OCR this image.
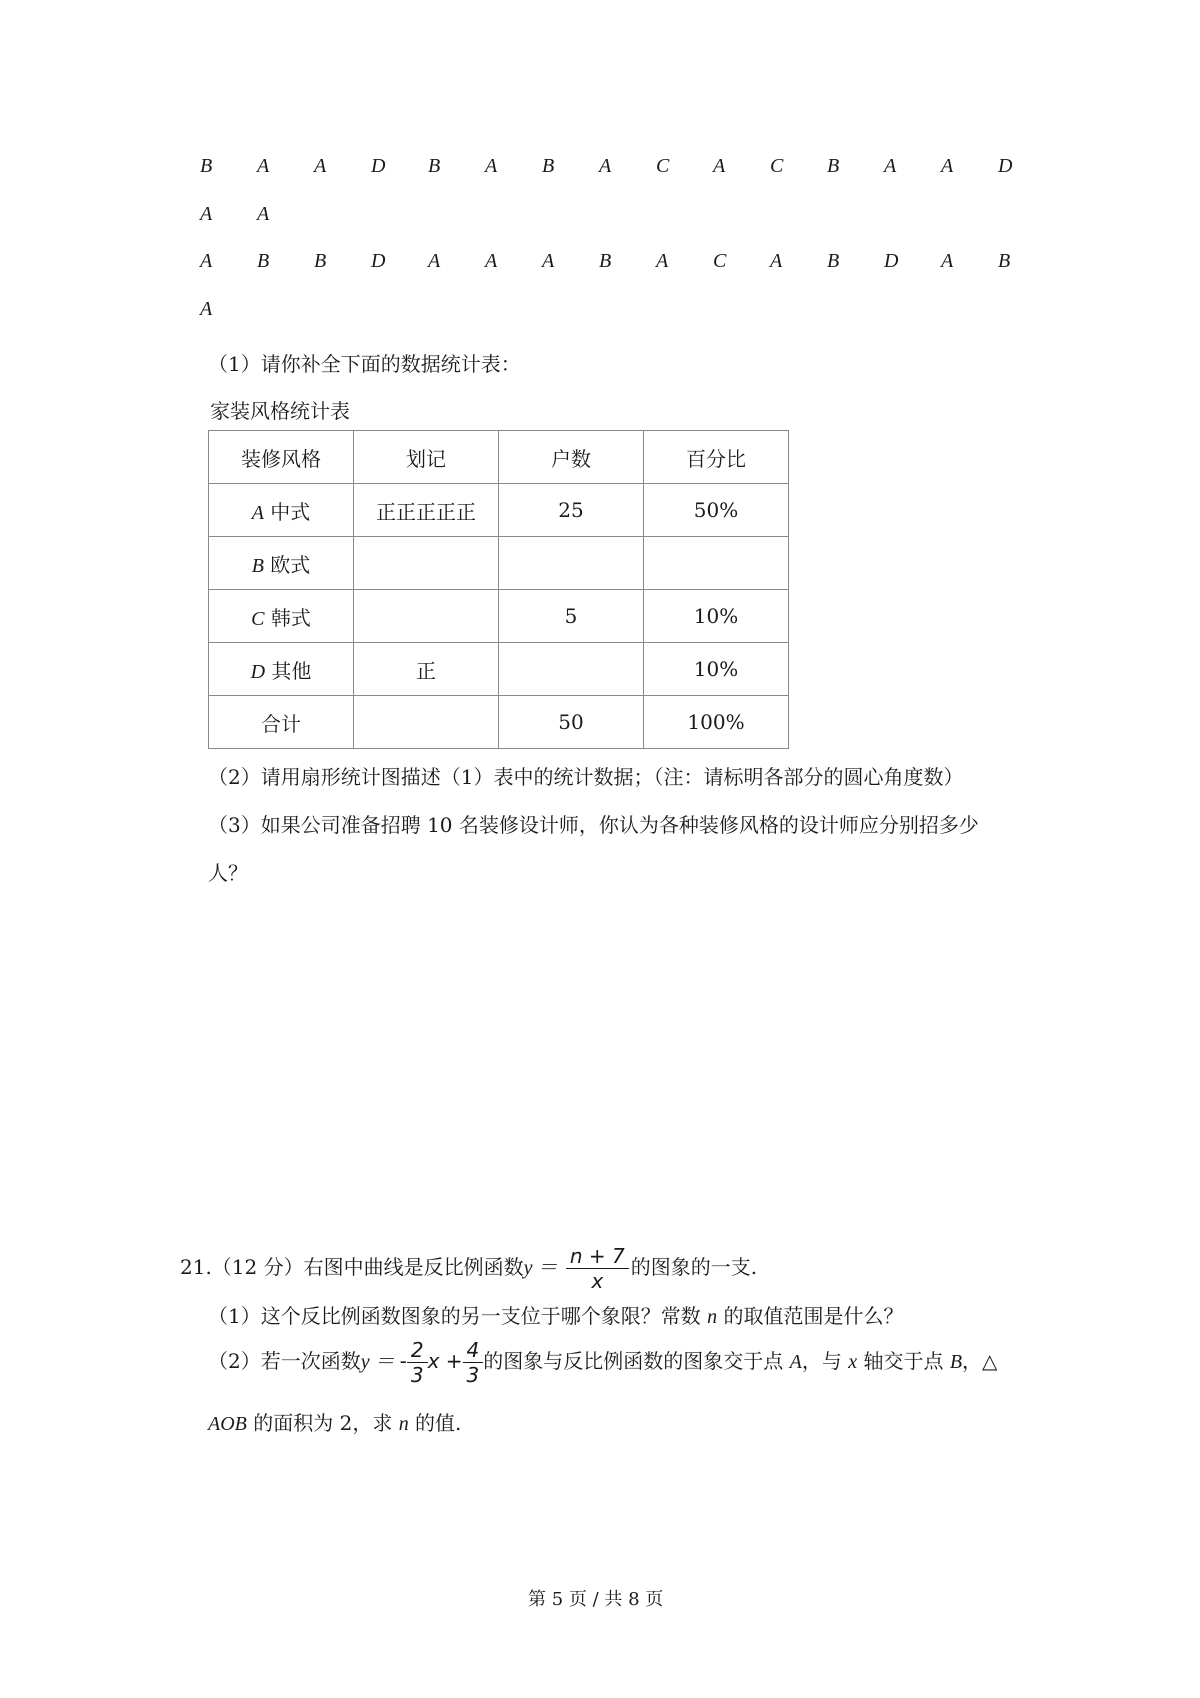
B A A D B A B A C A C B A A D
A A
A B B D A A A B A C A B D A B
A
（1）请你补全下面的数据统计表：
家装风格统计表
装修风格	划记	户数	百分比
A 中式	正正正正正	25	50%
B 欧式			
C 韩式		5	10%
D 其他	正		10%
合计		50	100%
（2）请用扇形统计图描述（1）表中的统计数据；（注：请标明各部分的圆心角度数）
（3）如果公司准备招聘 10 名装修设计师，你认为各种装修风格的设计师应分别招多少
人？
21.（12 分）右图中曲线是反比例函数$y = \frac{n + 7}{x}$ 的图象的一支.
（1）这个反比例函数图象的另一支位于哪个象限？常数 n 的取值范围是什么？
（2）若一次函数y ＝ - $\frac{2}{3}$ $x + \frac{4}{3}$ 的图象与反比例函数的图象交于点 A，与 x 轴交于点 B，△
AOB 的面积为 2，求 n 的值.
第 5 页 / 共 8 页
